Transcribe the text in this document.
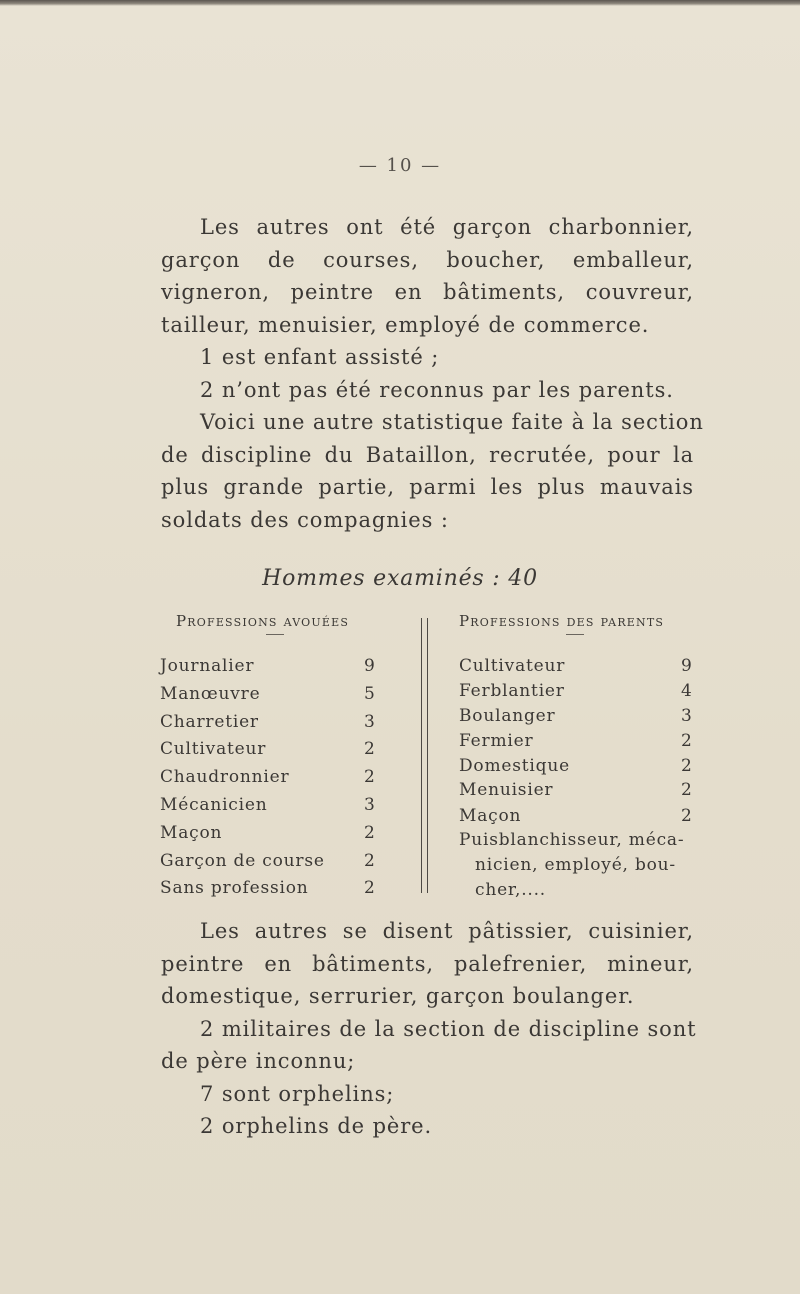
— 10 —
Les autres ont été garçon charbonnier,
garçon de courses, boucher, emballeur,
vigneron, peintre en bâtiments, couvreur,
tailleur, menuisier, employé de commerce.
1 est enfant assisté ;
2 n’ont pas été reconnus par les parents.
Voici une autre statistique faite à la section
de discipline du Bataillon, recrutée, pour la
plus grande partie, parmi les plus mauvais
soldats des compagnies :
Hommes examinés : 40
Professions avouées	Professions des parents
Journalier
Manœuvre
Charretier
Cultivateur
Chaudronnier
Mécanicien
Maçon
Garçon de course
Sans profession
9
5
3
2
2
3
2
2
2
Cultivateur
Ferblantier
Boulanger
Fermier
Domestique
Menuisier
Maçon
Puisblanchisseur, méca-
nicien, employé, bou-
cher,....
9
4
3
2
2
2
2
Les autres se disent pâtissier, cuisinier,
peintre en bâtiments, palefrenier, mineur,
domestique, serrurier, garçon boulanger.
2 militaires de la section de discipline sont
de père inconnu;
7 sont orphelins;
2 orphelins de père.
